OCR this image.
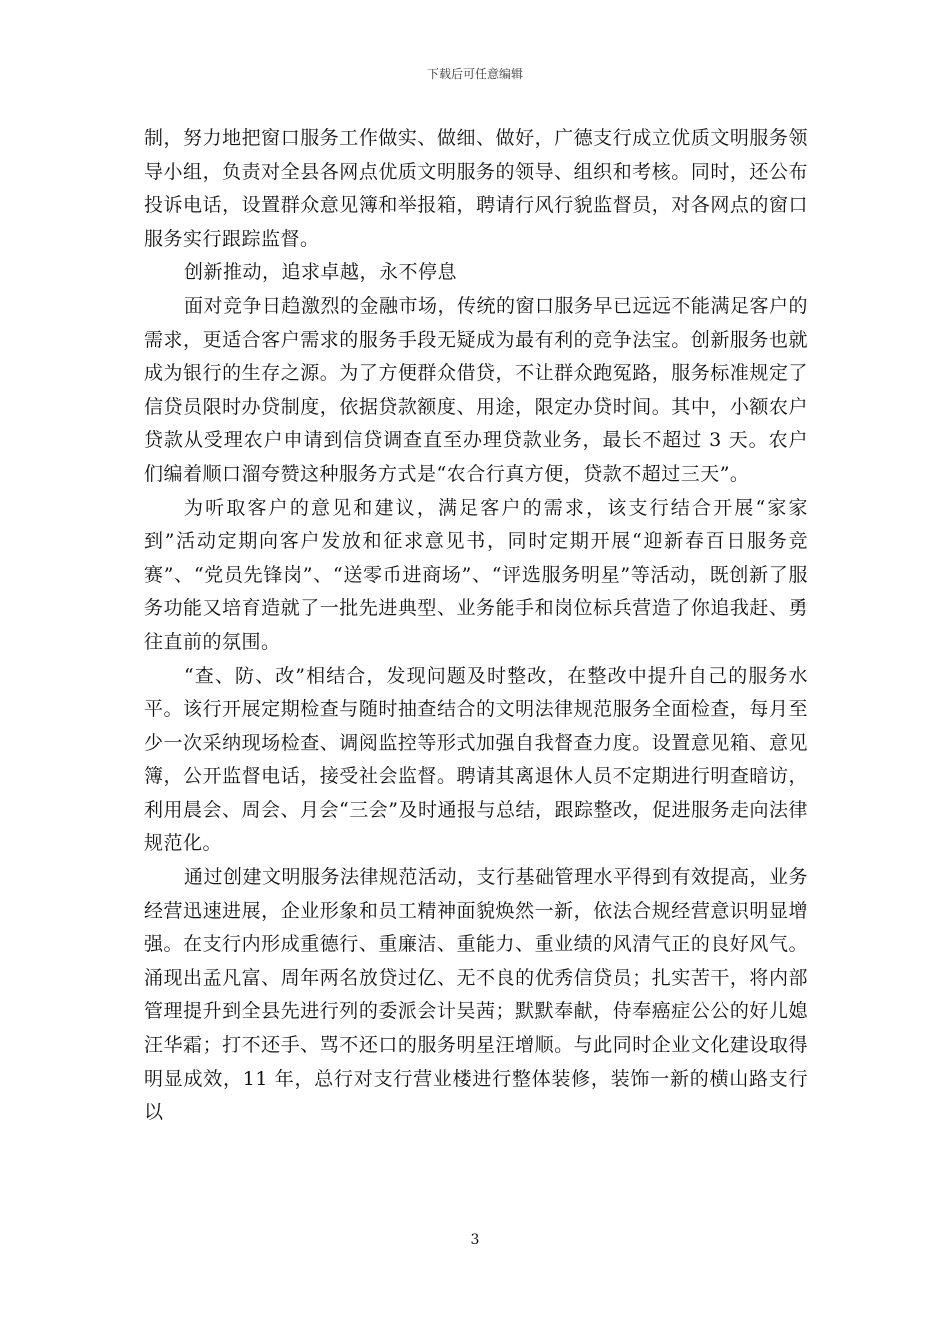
下载后可任意编辑

制，努力地把窗口服务工作做实、做细、做好，广德支行成立优质文明服务领导小组，负责对全县各网点优质文明服务的领导、组织和考核。同时，还公布投诉电话，设置群众意见簿和举报箱，聘请行风行貌监督员，对各网点的窗口服务实行跟踪监督。

创新推动，追求卓越，永不停息

面对竞争日趋激烈的金融市场，传统的窗口服务早已远远不能满足客户的需求，更适合客户需求的服务手段无疑成为最有利的竞争法宝。创新服务也就成为银行的生存之源。为了方便群众借贷，不让群众跑冤路，服务标准规定了信贷员限时办贷制度，依据贷款额度、用途，限定办贷时间。其中，小额农户贷款从受理农户申请到信贷调查直至办理贷款业务，最长不超过 3 天。农户们编着顺口溜夸赞这种服务方式是“农合行真方便，贷款不超过三天”。

为听取客户的意见和建议，满足客户的需求，该支行结合开展“家家到”活动定期向客户发放和征求意见书，同时定期开展“迎新春百日服务竞赛”、“党员先锋岗”、“送零币进商场”、“评选服务明星”等活动，既创新了服务功能又培育造就了一批先进典型、业务能手和岗位标兵营造了你追我赶、勇往直前的氛围。

“查、防、改”相结合，发现问题及时整改，在整改中提升自己的服务水平。该行开展定期检查与随时抽查结合的文明法律规范服务全面检查，每月至少一次采纳现场检查、调阅监控等形式加强自我督查力度。设置意见箱、意见簿，公开监督电话，接受社会监督。聘请其离退休人员不定期进行明查暗访，利用晨会、周会、月会“三会”及时通报与总结，跟踪整改，促进服务走向法律规范化。

通过创建文明服务法律规范活动，支行基础管理水平得到有效提高，业务经营迅速进展，企业形象和员工精神面貌焕然一新，依法合规经营意识明显增强。在支行内形成重德行、重廉洁、重能力、重业绩的风清气正的良好风气。涌现出孟凡富、周年两名放贷过亿、无不良的优秀信贷员；扎实苦干，将内部管理提升到全县先进行列的委派会计吴茜；默默奉献，侍奉癌症公公的好儿媳汪华霜；打不还手、骂不还口的服务明星汪增顺。与此同时企业文化建设取得明显成效，11 年，总行对支行营业楼进行整体装修，装饰一新的横山路支行以

3
